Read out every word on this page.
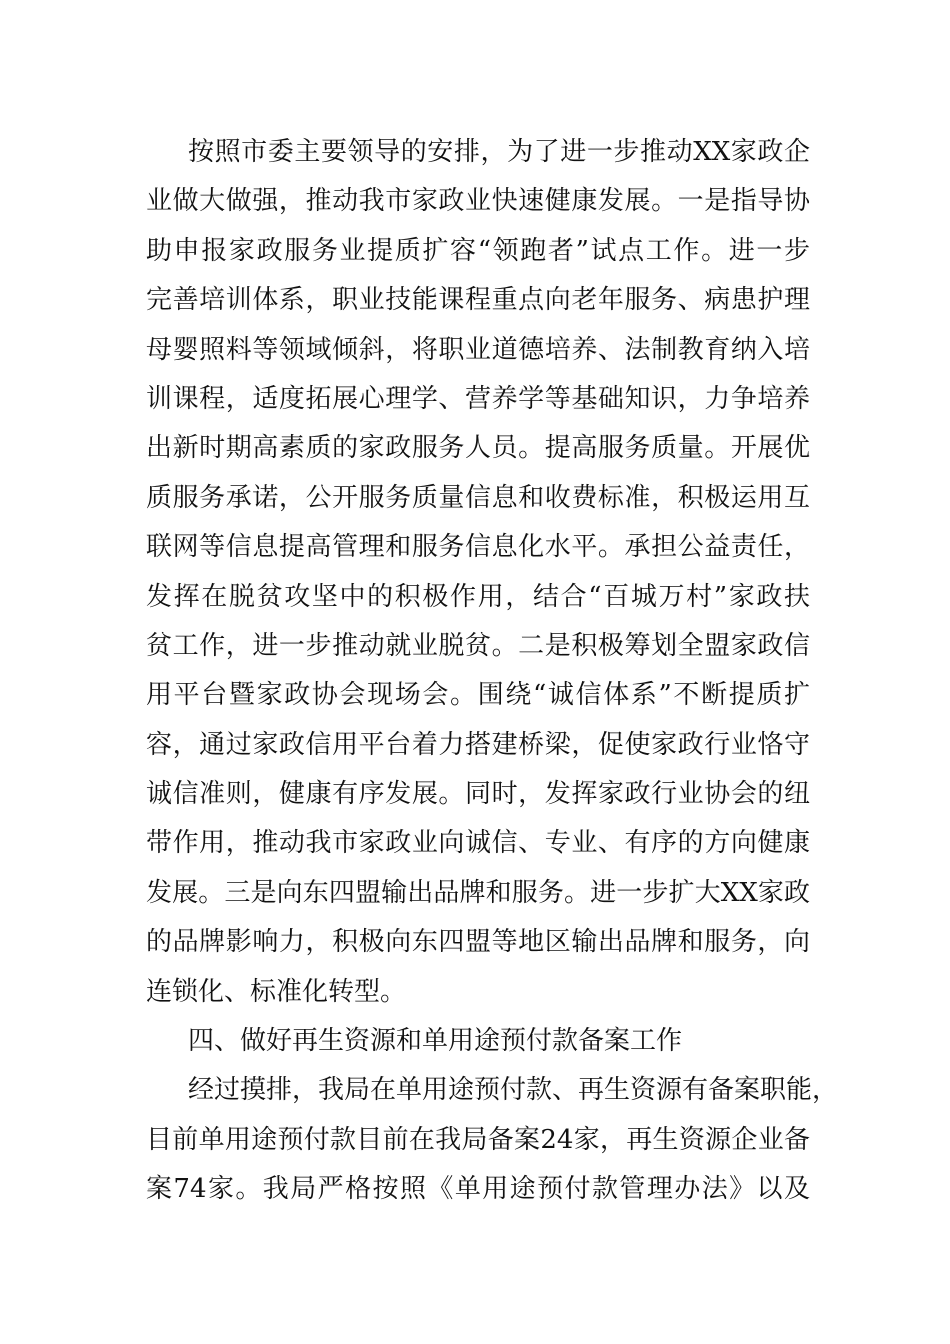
按照市委主要领导的安排，为了进一步推动XX家政企
业做大做强，推动我市家政业快速健康发展。一是指导协
助申报家政服务业提质扩容“领跑者”试点工作。进一步
完善培训体系，职业技能课程重点向老年服务、病患护理
母婴照料等领域倾斜，将职业道德培养、法制教育纳入培
训课程，适度拓展心理学、营养学等基础知识，力争培养
出新时期高素质的家政服务人员。提高服务质量。开展优
质服务承诺，公开服务质量信息和收费标准，积极运用互
联网等信息提高管理和服务信息化水平。承担公益责任，
发挥在脱贫攻坚中的积极作用，结合“百城万村”家政扶
贫工作，进一步推动就业脱贫。二是积极筹划全盟家政信
用平台暨家政协会现场会。围绕“诚信体系”不断提质扩
容，通过家政信用平台着力搭建桥梁，促使家政行业恪守
诚信准则，健康有序发展。同时，发挥家政行业协会的纽
带作用，推动我市家政业向诚信、专业、有序的方向健康
发展。三是向东四盟输出品牌和服务。进一步扩大XX家政
的品牌影响力，积极向东四盟等地区输出品牌和服务，向
连锁化、标准化转型。
四、做好再生资源和单用途预付款备案工作
经过摸排，我局在单用途预付款、再生资源有备案职能，
目前单用途预付款目前在我局备案24家，再生资源企业备
案74家。我局严格按照《单用途预付款管理办法》以及
